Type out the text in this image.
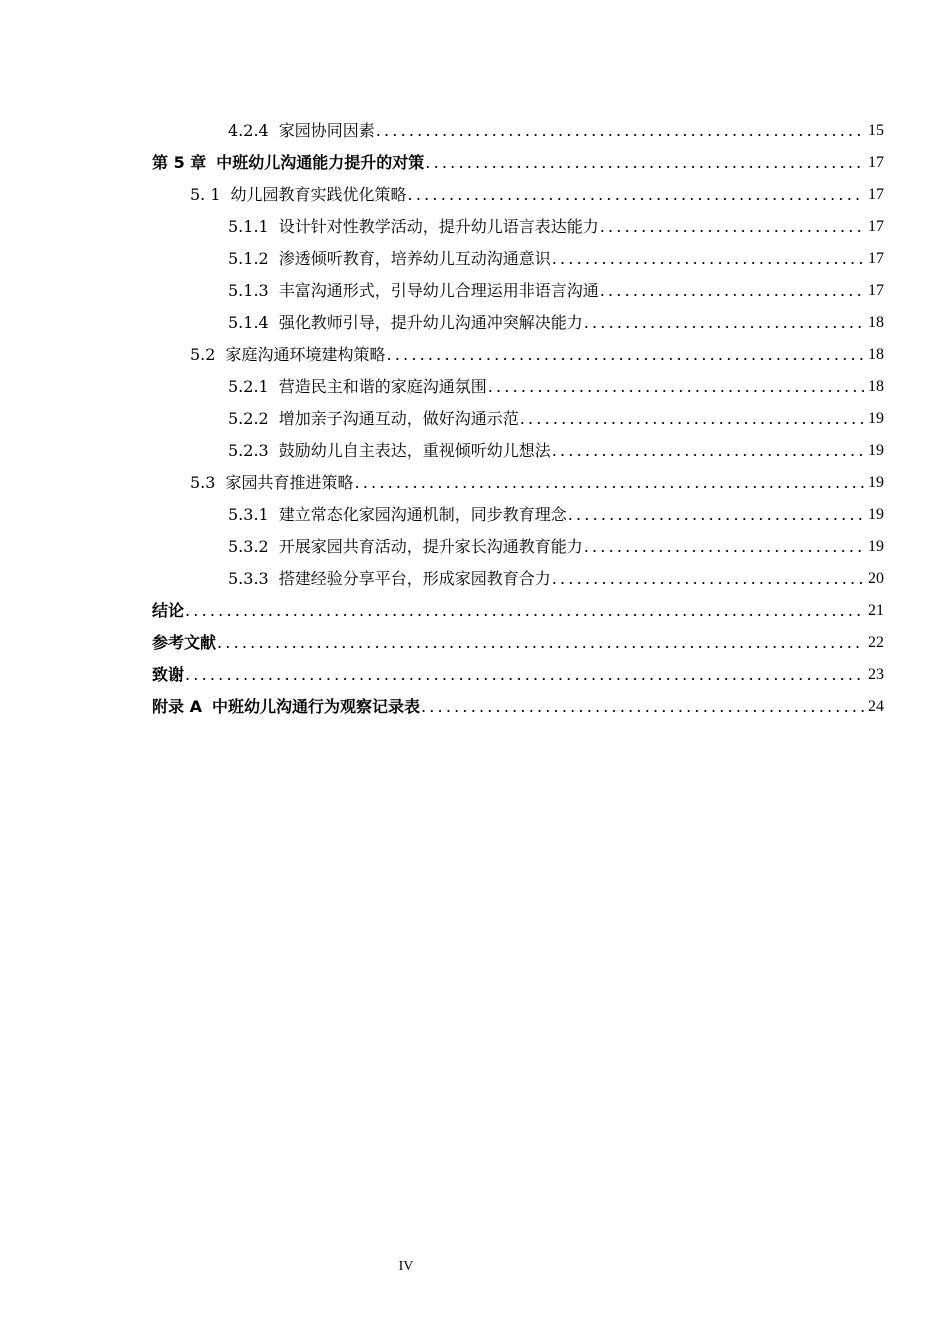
4.2.4 家园协同因素 .....	15
第 5 章 中班幼儿沟通能力提升的对策 .....	17
5. 1 幼儿园教育实践优化策略 .....	17
5.1.1 设计针对性教学活动，提升幼儿语言表达能力 .....	17
5.1.2 渗透倾听教育，培养幼儿互动沟通意识 .....	17
5.1.3 丰富沟通形式，引导幼儿合理运用非语言沟通 .....	17
5.1.4 强化教师引导，提升幼儿沟通冲突解决能力 .....	18
5.2 家庭沟通环境建构策略 .....	18
5.2.1 营造民主和谐的家庭沟通氛围 .....	18
5.2.2 增加亲子沟通互动，做好沟通示范 .....	19
5.2.3 鼓励幼儿自主表达，重视倾听幼儿想法 .....	19
5.3 家园共育推进策略 .....	19
5.3.1 建立常态化家园沟通机制，同步教育理念 .....	19
5.3.2 开展家园共育活动，提升家长沟通教育能力 .....	19
5.3.3 搭建经验分享平台，形成家园教育合力 .....	20
结论 .....	21
参考文献 .....	22
致谢 .....	23
附录 A 中班幼儿沟通行为观察记录表 .....	24
IV
